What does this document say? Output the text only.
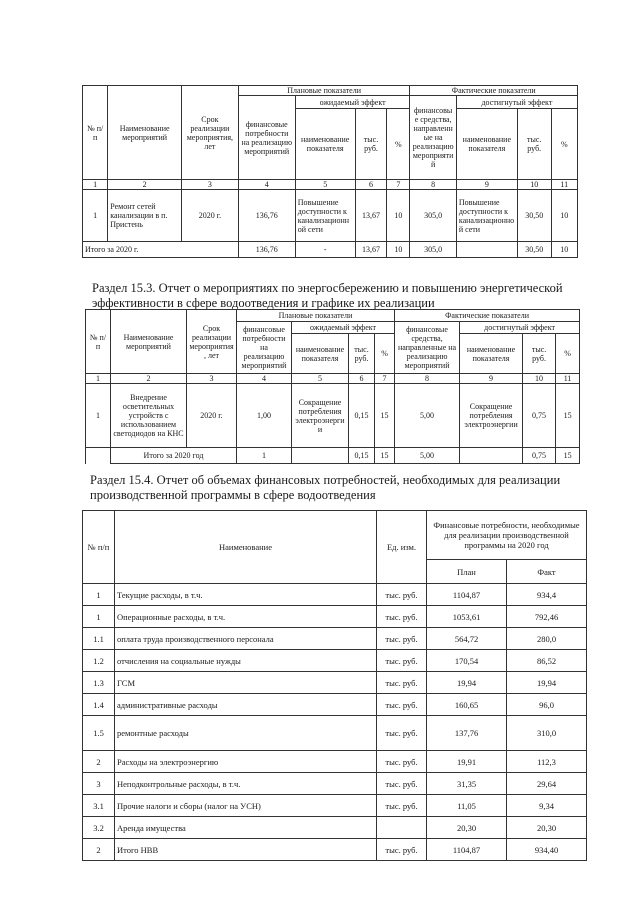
№ п/п	Наименование мероприятий	Срок реализации мероприятия, лет	Плановые показатели				Фактические показатели			
			финансовые потребности на реализацию мероприятий	ожидаемый эффект			финансовые средства, направленные на реализацию мероприятий	достигнутый эффект		
				наименование показателя	тыс. руб.	%		наименование показателя	тыс. руб.	%
1	2	3	4	5	6	7	8	9	10	11
1	Ремонт сетей канализации в п. Пристень	2020 г.	136,76	Повышение доступности к канализационной сети	13,67	10	305,0	Повышение доступности к канализационной сети	30,50	10
Итого за 2020 г.			136,76	-	13,67	10	305,0		30,50	10
Раздел 15.3. Отчет о мероприятиях по энергосбережению и повышению энергетической
эффективности в сфере водоотведения и графике их реализации
№ п/п	Наименование мероприятий	Срок реализации мероприятия, лет	Плановые показатели				Фактические показатели			
			финансовые потребности на реализацию мероприятий	ожидаемый эффект			финансовые средства, направленные на реализацию мероприятий	достигнутый эффект		
				наименование показателя	тыс. руб.	%		наименование показателя	тыс. руб.	%
1	2	3	4	5	6	7	8	9	10	11
1	Внедрение осветительных устройств с использованием светодиодов на КНС	2020 г.	1,00	Сокращение потребления электроэнергии	0,15	15	5,00	Сокращение потребления электроэнергии	0,75	15
	Итого за 2020 год		1		0,15	15	5,00		0,75	15
Раздел 15.4. Отчет об объемах финансовых потребностей, необходимых для реализации
производственной программы в сфере водоотведения
№ п/п	Наименование	Ед. изм.	Финансовые потребности, необходимые для реализации производственной программы на 2020 год	
			План	Факт
1	Текущие расходы, в т.ч.	тыс. руб.	1104,87	934,4
1	Операционные расходы, в т.ч.	тыс. руб.	1053,61	792,46
1.1	оплата труда производственного персонала	тыс. руб.	564,72	280,0
1.2	отчисления на социальные нужды	тыс. руб.	170,54	86,52
1.3	ГСМ	тыс. руб.	19,94	19,94
1.4	административные расходы	тыс. руб.	160,65	96,0
1.5	ремонтные расходы	тыс. руб.	137,76	310,0
2	Расходы на электроэнергию	тыс. руб.	19,91	112,3
3	Неподконтрольные расходы, в т.ч.	тыс. руб.	31,35	29,64
3.1	Прочие налоги и сборы (налог на УСН)	тыс. руб.	11,05	9,34
3.2	Аренда имущества		20,30	20,30
2	Итого НВВ	тыс. руб.	1104,87	934,40
